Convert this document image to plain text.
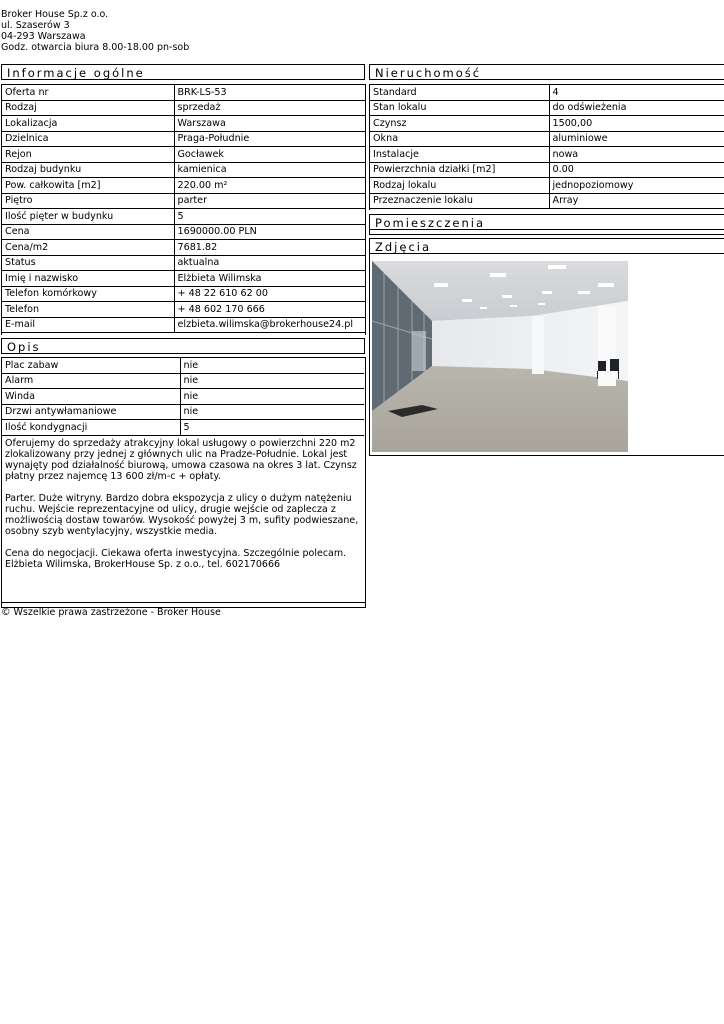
Broker House Sp.z o.o.
ul. Szaserów 3
04-293 Warszawa
Godz. otwarcia biura 8.00-18.00 pn-sob
Informacje ogólne
Oferta nr	BRK-LS-53
Rodzaj	sprzedaż
Lokalizacja	Warszawa
Dzielnica	Praga-Południe
Rejon	Gocławek
Rodzaj budynku	kamienica
Pow. całkowita [m2]	220.00 m²
Piętro	parter
Ilość pięter w budynku	5
Cena	1690000.00 PLN
Cena/m2	7681.82
Status	aktualna
Imię i nazwisko	Elżbieta Wilimska
Telefon komórkowy	+ 48 22 610 62 00
Telefon	+ 48 602 170 666
E-mail	elzbieta.wilimska@brokerhouse24.pl
Opis
Plac zabaw	nie
Alarm	nie
Winda	nie
Drzwi antywłamaniowe	nie
Ilość kondygnacji	5

Oferujemy do sprzedaży atrakcyjny lokal usługowy o powierzchni 220 m2 zlokalizowany przy jednej z głównych ulic na Pradze-Południe. Lokal jest wynajęty pod działalność biurową, umowa czasowa na okres 3 lat. Czynsz płatny przez najemcę 13 600 zł/m-c + opłaty.

Parter. Duże witryny. Bardzo dobra ekspozycja z ulicy o dużym natężeniu ruchu. Wejście reprezentacyjne od ulicy, drugie wejście od zaplecza z możliwością dostaw towarów. Wysokość powyżej 3 m, sufity podwieszane, osobny szyb wentylacyjny, wszystkie media.

Cena do negocjacji. Ciekawa oferta inwestycyjna. Szczególnie polecam. Elżbieta Wilimska, BrokerHouse Sp. z o.o., tel. 602170666

Nieruchomość
Standard	4
Stan lokalu	do odświeżenia
Czynsz	1500,00
Okna	aluminiowe
Instalacje	nowa
Powierzchnia działki [m2]	0.00
Rodzaj lokalu	jednopoziomowy
Przeznaczenie lokalu	Array
Pomieszczenia
Zdjęcia
© Wszelkie prawa zastrzeżone - Broker House
